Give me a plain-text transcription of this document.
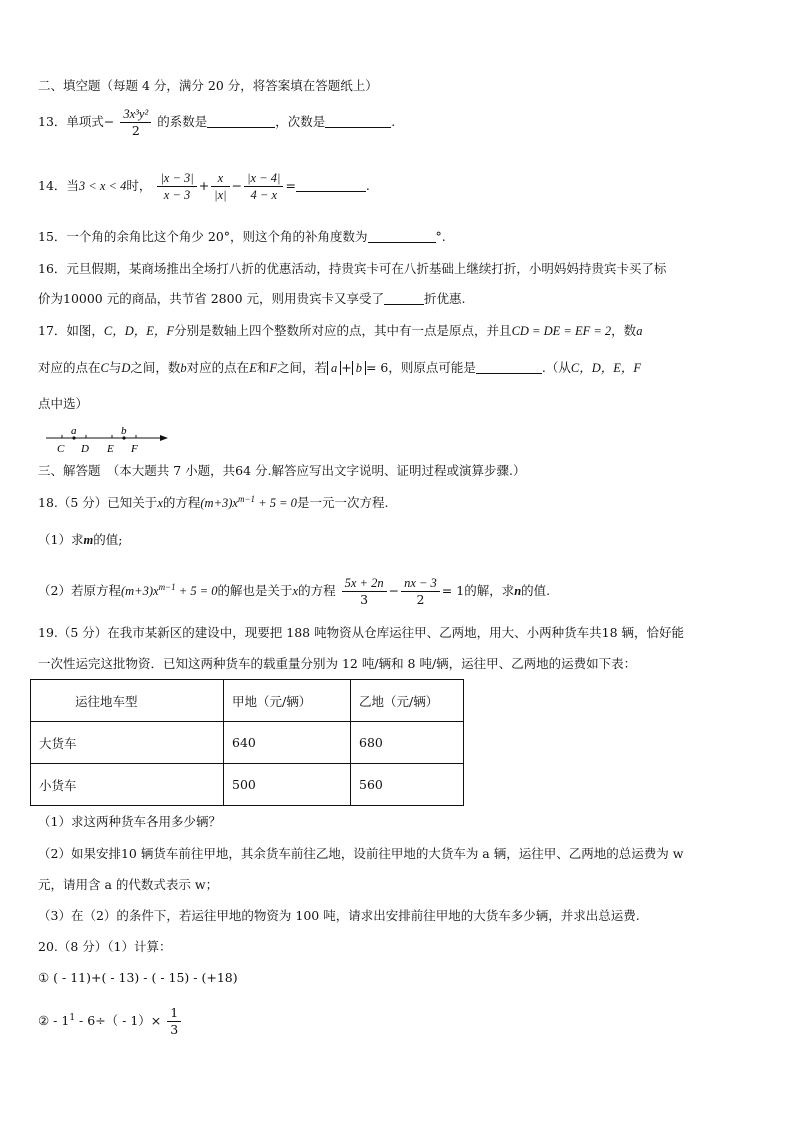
二、填空题（每题 4 分，满分 20 分，将答案填在答题纸上）
13．单项式− $\frac{\text{3x³y²}}{2}$ 的系数是	，次数是	.
14．当3 < x < 4时， $\frac{|x - 3|}{x - 3} + \frac{x}{|x|} - \frac{|x - 4|}{4 - x}$ =	.
15．一个角的余角比这个角少 20°，则这个角的补角度数为	°.
16．元旦假期，某商场推出全场打八折的优惠活动，持贵宾卡可在八折基础上继续打折，小明妈妈持贵宾卡买了标
价为10000 元的商品，共节省 2800 元，则用贵宾卡又享受了	折优惠.
17．如图，C，D，E，F分别是数轴上四个整数所对应的点，其中有一点是原点，并且CD = DE = EF = 2，数a
对应的点在C与D之间，数b对应的点在E和F之间，若 a + b = 6，则原点可能是	.（从C，D，E，F
点中选）
a	b
C D E F
三、解答题　（本大题共 7 小题，共64 分.解答应写出文字说明、证明过程或演算步骤.）
18.（5 分）已知关于x的方程$(m+3)x^{m-1} + 5 = 0$是一元一次方程.
（1）求m的值;
（2）若原方程$(m+3)x^{m-1} + 5 = 0$的解也是关于x的方程 $\frac{5x + 2n}{3} - \frac{nx - 3}{2} = 1$的解，求n的值.
19.（5 分）在我市某新区的建设中，现要把 188 吨物资从仓库运往甲、乙两地，用大、小两种货车共18 辆，恰好能
一次性运完这批物资．已知这两种货车的载重量分别为 12 吨/辆和 8 吨/辆，运往甲、乙两地的运费如下表：
运往地车型	甲地（元/辆）	乙地（元/辆）
大货车	640	680
小货车	500	560
（1）求这两种货车各用多少辆？
（2）如果安排10 辆货车前往甲地，其余货车前往乙地，设前往甲地的大货车为 a 辆，运往甲、乙两地的总运费为 w
元，请用含 a 的代数式表示 w；
（3）在（2）的条件下，若运往甲地的物资为 100 吨，请求出安排前往甲地的大货车多少辆，并求出总运费.
20.（8 分）（1）计算：
① ( - 11)+( - 13) - ( - 15) - (+18)
② - $1^1 - 6\div( - 1)\times \frac{1}{3}$
